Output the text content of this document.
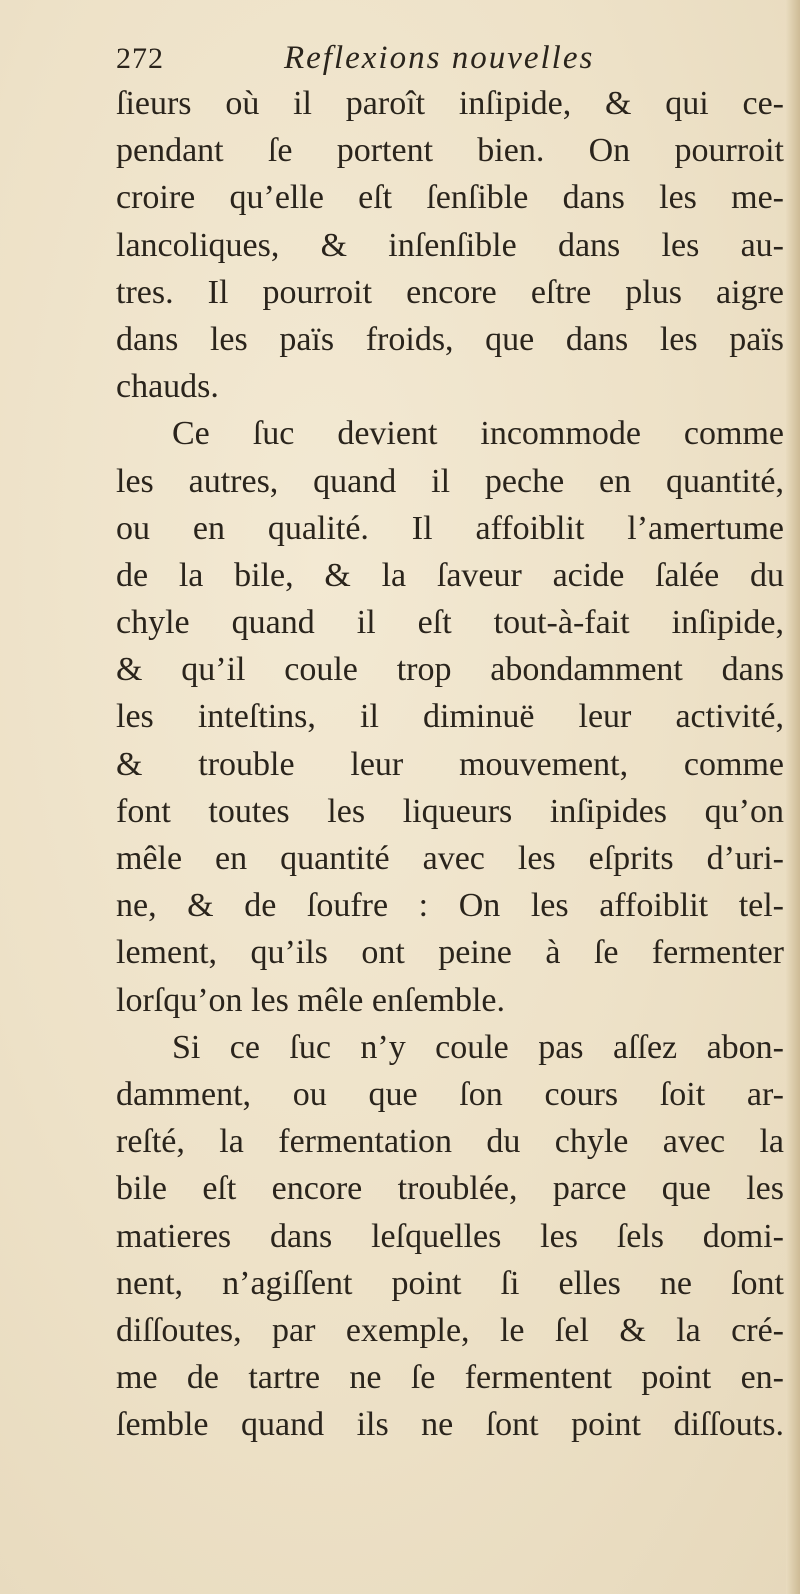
272	Reflexions nouvelles
ſieurs où il paroît inſipide, & qui ce-
pendant ſe portent bien. On pourroit
croire qu’elle eſt ſenſible dans les me-
lancoliques, & inſenſible dans les au-
tres. Il pourroit encore eſtre plus aigre
dans les païs froids, que dans les païs
chauds.
Ce ſuc devient incommode comme
les autres, quand il peche en quantité,
ou en qualité. Il affoiblit l’amertume
de la bile, & la ſaveur acide ſalée du
chyle quand il eſt tout-à-fait inſipide,
& qu’il coule trop abondamment dans
les inteſtins, il diminuë leur activité,
& trouble leur mouvement, comme
font toutes les liqueurs inſipides qu’on
mêle en quantité avec les eſprits d’uri-
ne, & de ſoufre : On les affoiblit tel-
lement, qu’ils ont peine à ſe fermenter
lorſqu’on les mêle enſemble.
Si ce ſuc n’y coule pas aſſez abon-
damment, ou que ſon cours ſoit ar-
reſté, la fermentation du chyle avec la
bile eſt encore troublée, parce que les
matieres dans leſquelles les ſels domi-
nent, n’agiſſent point ſi elles ne ſont
diſſoutes, par exemple, le ſel & la cré-
me de tartre ne ſe fermentent point en-
ſemble quand ils ne ſont point diſſouts.
